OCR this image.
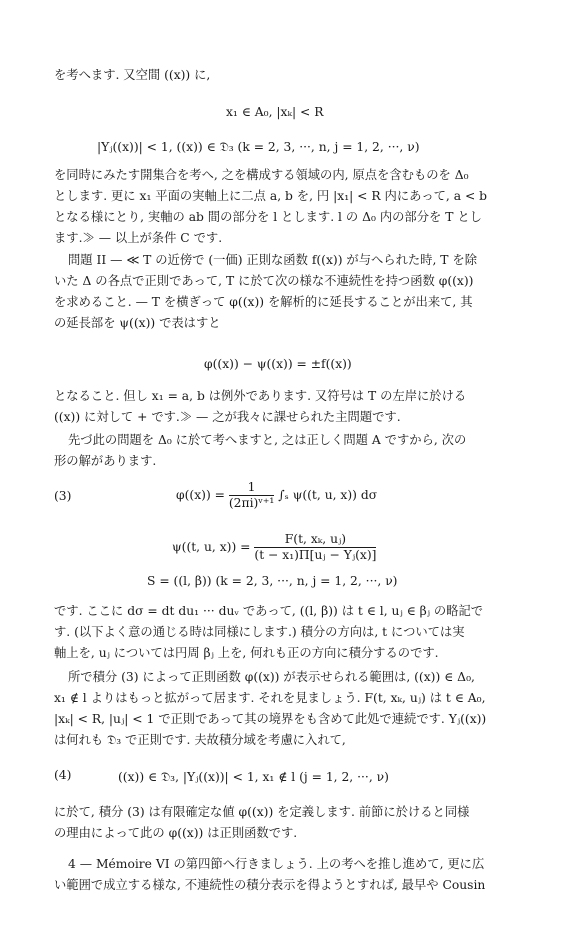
を考へます. 又空間 ((x)) に,
x₁ ∈ A₀, |xₖ| < R
|Yⱼ((x))| < 1, ((x)) ∈ 𝔇₃ (k = 2, 3, ···, n, j = 1, 2, ···, ν)
を同時にみたす開集合を考へ, 之を構成する領域の内, 原点を含むものを Δ₀
とします. 更に x₁ 平面の実軸上に二点 a, b を, 円 |x₁| < R 内にあって, a < b
となる様にとり, 実軸の ab 間の部分を l とします. l の Δ₀ 内の部分を T とし
ます.≫ — 以上が条件 C です.
問題 II — ≪ T の近傍で (一価) 正則な函数 f((x)) が与へられた時, T を除
いた Δ の各点で正則であって, T に於て次の様な不連続性を持つ函数 φ((x))
を求めること. — T を横ぎって φ((x)) を解析的に延長することが出来て, 其
の延長部を ψ((x)) で表はすと
φ((x)) − ψ((x)) = ±f((x))
となること. 但し x₁ = a, b は例外であります. 又符号は T の左岸に於ける
((x)) に対して + です.≫ — 之が我々に課せられた主問題です.
先づ此の問題を Δ₀ に於て考へますと, 之は正しく問題 A ですから, 次の
形の解があります.
(3)	$\varphi((x)) = \frac{1}{\text{(2πi)ᵛ⁺¹}} \int_s$ ψ((t, u, x)) dσ
ψ((t, u, $x)) = \frac{\text{F(t, xₖ, uⱼ)}}{\text{(t − x₁)Π[uⱼ − Yⱼ(x)]}}$
S = ((l, β)) (k = 2, 3, ···, n, j = 1, 2, ···, ν)
です. ここに dσ = dt du₁ ··· duᵥ であって, ((l, β)) は t ∈ l, uⱼ ∈ βⱼ の略記で
す. (以下よく意の通じる時は同様にします.) 積分の方向は, t については実
軸上を, uⱼ については円周 βⱼ 上を, 何れも正の方向に積分するのです.
所で積分 (3) によって正則函数 φ((x)) が表示せられる範囲は, ((x)) ∈ Δ₀,
x₁ ∉ l よりはもっと拡がって居ます. それを見ましょう. F(t, xₖ, uⱼ) は t ∈ A₀,
|xₖ| < R, |uⱼ| < 1 で正則であって其の境界をも含めて此処で連続です. Yⱼ((x))
は何れも 𝔇₃ で正則です. 夫故積分域を考慮に入れて,
(4)	((x)) ∈ 𝔇₃, |Yⱼ((x))| < 1, x₁ ∉ l (j = 1, 2, ···, ν)
に於て, 積分 (3) は有限確定な値 φ((x)) を定義します. 前節に於けると同様
の理由によって此の φ((x)) は正則函数です.
4 — Mémoire VI の第四節へ行きましょう. 上の考へを推し進めて, 更に広
い範囲で成立する様な, 不連続性の積分表示を得ようとすれば, 最早や Cousin
